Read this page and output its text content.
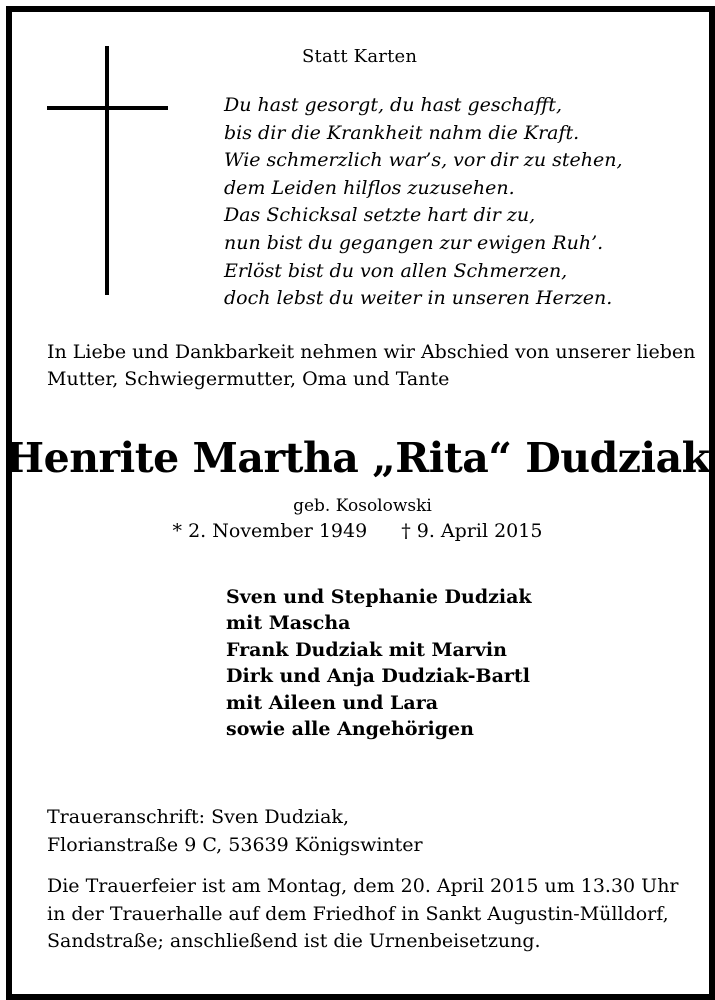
Statt Karten
Du hast gesorgt, du hast geschafft,
bis dir die Krankheit nahm die Kraft.
Wie schmerzlich war’s, vor dir zu stehen,
dem Leiden hilflos zuzusehen.
Das Schicksal setzte hart dir zu,
nun bist du gegangen zur ewigen Ruh’.
Erlöst bist du von allen Schmerzen,
doch lebst du weiter in unseren Herzen.
In Liebe und Dankbarkeit nehmen wir Abschied von unserer lieben
Mutter, Schwiegermutter, Oma und Tante
Henrite Martha „Rita“ Dudziak
geb. Kosolowski
* 2. November 1949 † 9. April 2015
Sven und Stephanie Dudziak
mit Mascha
Frank Dudziak mit Marvin
Dirk und Anja Dudziak-Bartl
mit Aileen und Lara
sowie alle Angehörigen
Traueranschrift: Sven Dudziak,
Florianstraße 9 C, 53639 Königswinter
Die Trauerfeier ist am Montag, dem 20. April 2015 um 13.30 Uhr
in der Trauerhalle auf dem Friedhof in Sankt Augustin-Mülldorf,
Sandstraße; anschließend ist die Urnenbeisetzung.
